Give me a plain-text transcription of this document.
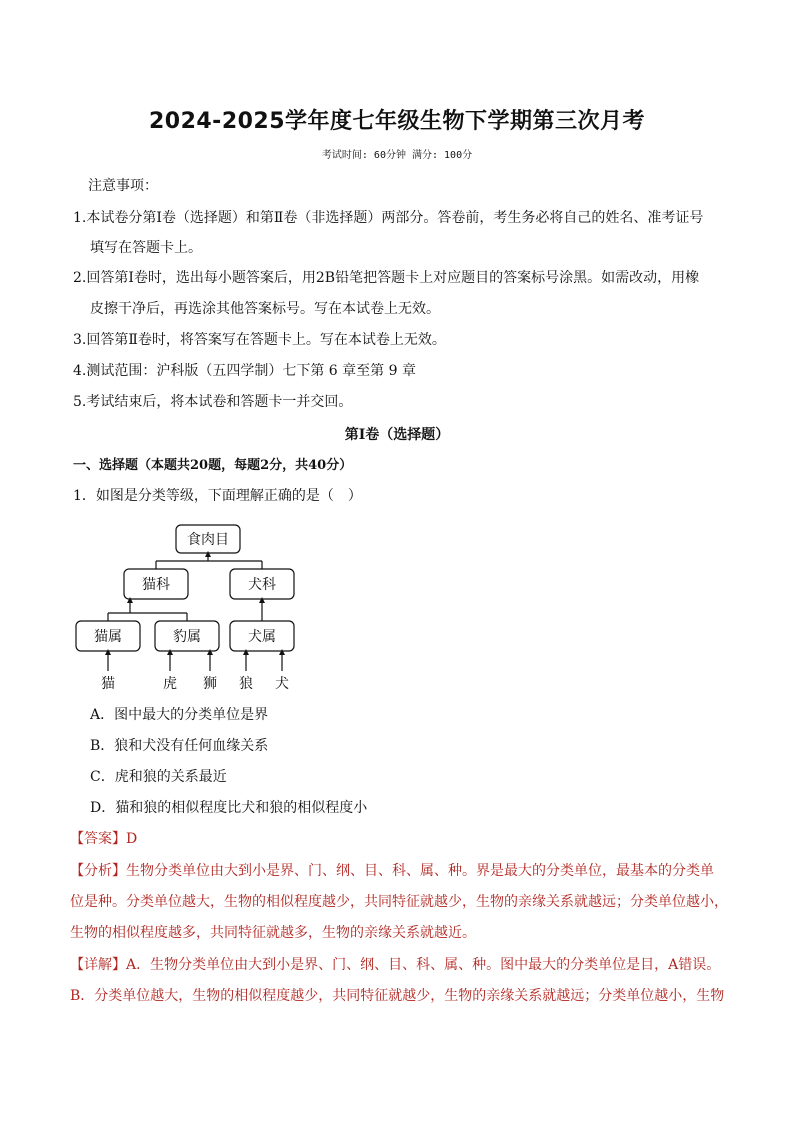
2024-2025学年度七年级生物下学期第三次月考
考试时间: 60分钟 满分: 100分
注意事项：
1.本试卷分第Ⅰ卷（选择题）和第Ⅱ卷（非选择题）两部分。答卷前，考生务必将自己的姓名、准考证号
填写在答题卡上。
2.回答第Ⅰ卷时，选出每小题答案后，用2B铅笔把答题卡上对应题目的答案标号涂黑。如需改动，用橡
皮擦干净后，再选涂其他答案标号。写在本试卷上无效。
3.回答第Ⅱ卷时，将答案写在答题卡上。写在本试卷上无效。
4.测试范围：沪科版（五四学制）七下第 6 章至第 9 章
5.考试结束后，将本试卷和答题卡一并交回。
第Ⅰ卷（选择题）
一、选择题（本题共20题，每题2分，共40分）
1．如图是分类等级，下面理解正确的是（　）
食肉目
猫科	犬科
猫属	豹属	犬属
猫	虎 狮 狼 犬
A．图中最大的分类单位是界
B．狼和犬没有任何血缘关系
C．虎和狼的关系最近
D．猫和狼的相似程度比犬和狼的相似程度小
【答案】D
【分析】生物分类单位由大到小是界、门、纲、目、科、属、种。界是最大的分类单位，最基本的分类单
位是种。分类单位越大，生物的相似程度越少，共同特征就越少，生物的亲缘关系就越远；分类单位越小，
生物的相似程度越多，共同特征就越多，生物的亲缘关系就越近。
【详解】A．生物分类单位由大到小是界、门、纲、目、科、属、种。图中最大的分类单位是目，A错误。
B．分类单位越大，生物的相似程度越少，共同特征就越少，生物的亲缘关系就越远；分类单位越小，生物
